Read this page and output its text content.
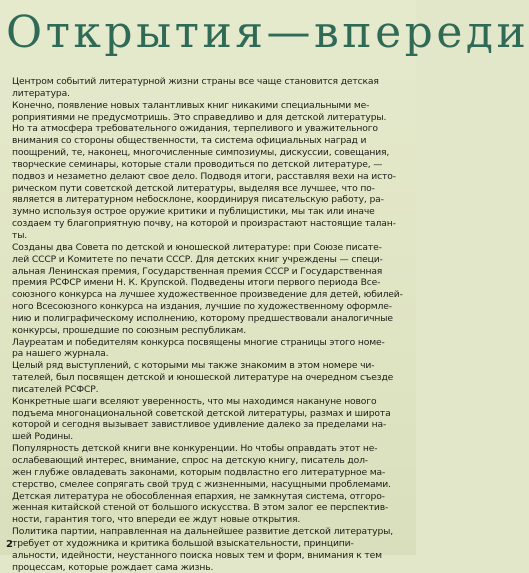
Открытия—впереди
Центром событий литературной жизни страны все чаще становится детская
литература.
Конечно, появление новых талантливых книг никакими специальными ме-
роприятиями не предусмотришь. Это справедливо и для детской литературы.
Но та атмосфера требовательного ожидания, терпеливого и уважительного
внимания со стороны общественности, та система официальных наград и
поощрений, те, наконец, многочисленные симпозиумы, дискуссии, совещания,
творческие семинары, которые стали проводиться по детской литературе, —
подвоз и незаметно делают свое дело. Подводя итоги, расставляя вехи на исто-
рическом пути советской детской литературы, выделяя все лучшее, что по-
является в литературном небосклоне, координируя писательскую работу, ра-
зумно используя острое оружие критики и публицистики, мы так или иначе
создаем ту благоприятную почву, на которой и произрастают настоящие талан-
ты.
Созданы два Совета по детской и юношеской литературе: при Союзе писате-
лей СССР и Комитете по печати СССР. Для детских книг учреждены — специ-
альная Ленинская премия, Государственная премия СССР и Государственная
премия РСФСР имени Н. К. Крупской. Подведены итоги первого периода Все-
союзного конкурса на лучшее художественное произведение для детей, юбилей-
ного Всесоюзного конкурса на издания, лучшие по художественному оформле-
нию и полиграфическому исполнению, которому предшествовали аналогичные
конкурсы, прошедшие по союзным республикам.
Лауреатам и победителям конкурса посвящены многие страницы этого номе-
ра нашего журнала.
Целый ряд выступлений, с которыми мы также знакомим в этом номере чи-
тателей, был посвящен детской и юношеской литературе на очередном съезде
писателей РСФСР.
Конкретные шаги вселяют уверенность, что мы находимся накануне нового
подъема многонациональной советской детской литературы, размах и широта
которой и сегодня вызывает завистливое удивление далеко за пределами на-
шей Родины.
Популярность детской книги вне конкуренции. Но чтобы оправдать этот не-
ослабевающий интерес, внимание, спрос на детскую книгу, писатель дол-
жен глубже овладевать законами, которым подвластно его литературное ма-
стерство, смелее сопрягать свой труд с жизненными, насущными проблемами.
Детская литература не обособленная епархия, не замкнутая система, отгоро-
женная китайской стеной от большого искусства. В этом залог ее перспектив-
ности, гарантия того, что впереди ее ждут новые открытия.
Политика партии, направленная на дальнейшее развитие детской литературы,
требует от художника и критика большой взыскательности, принципи-
альности, идейности, неустанного поиска новых тем и форм, внимания к тем
процессам, которые рождает сама жизнь.
2
